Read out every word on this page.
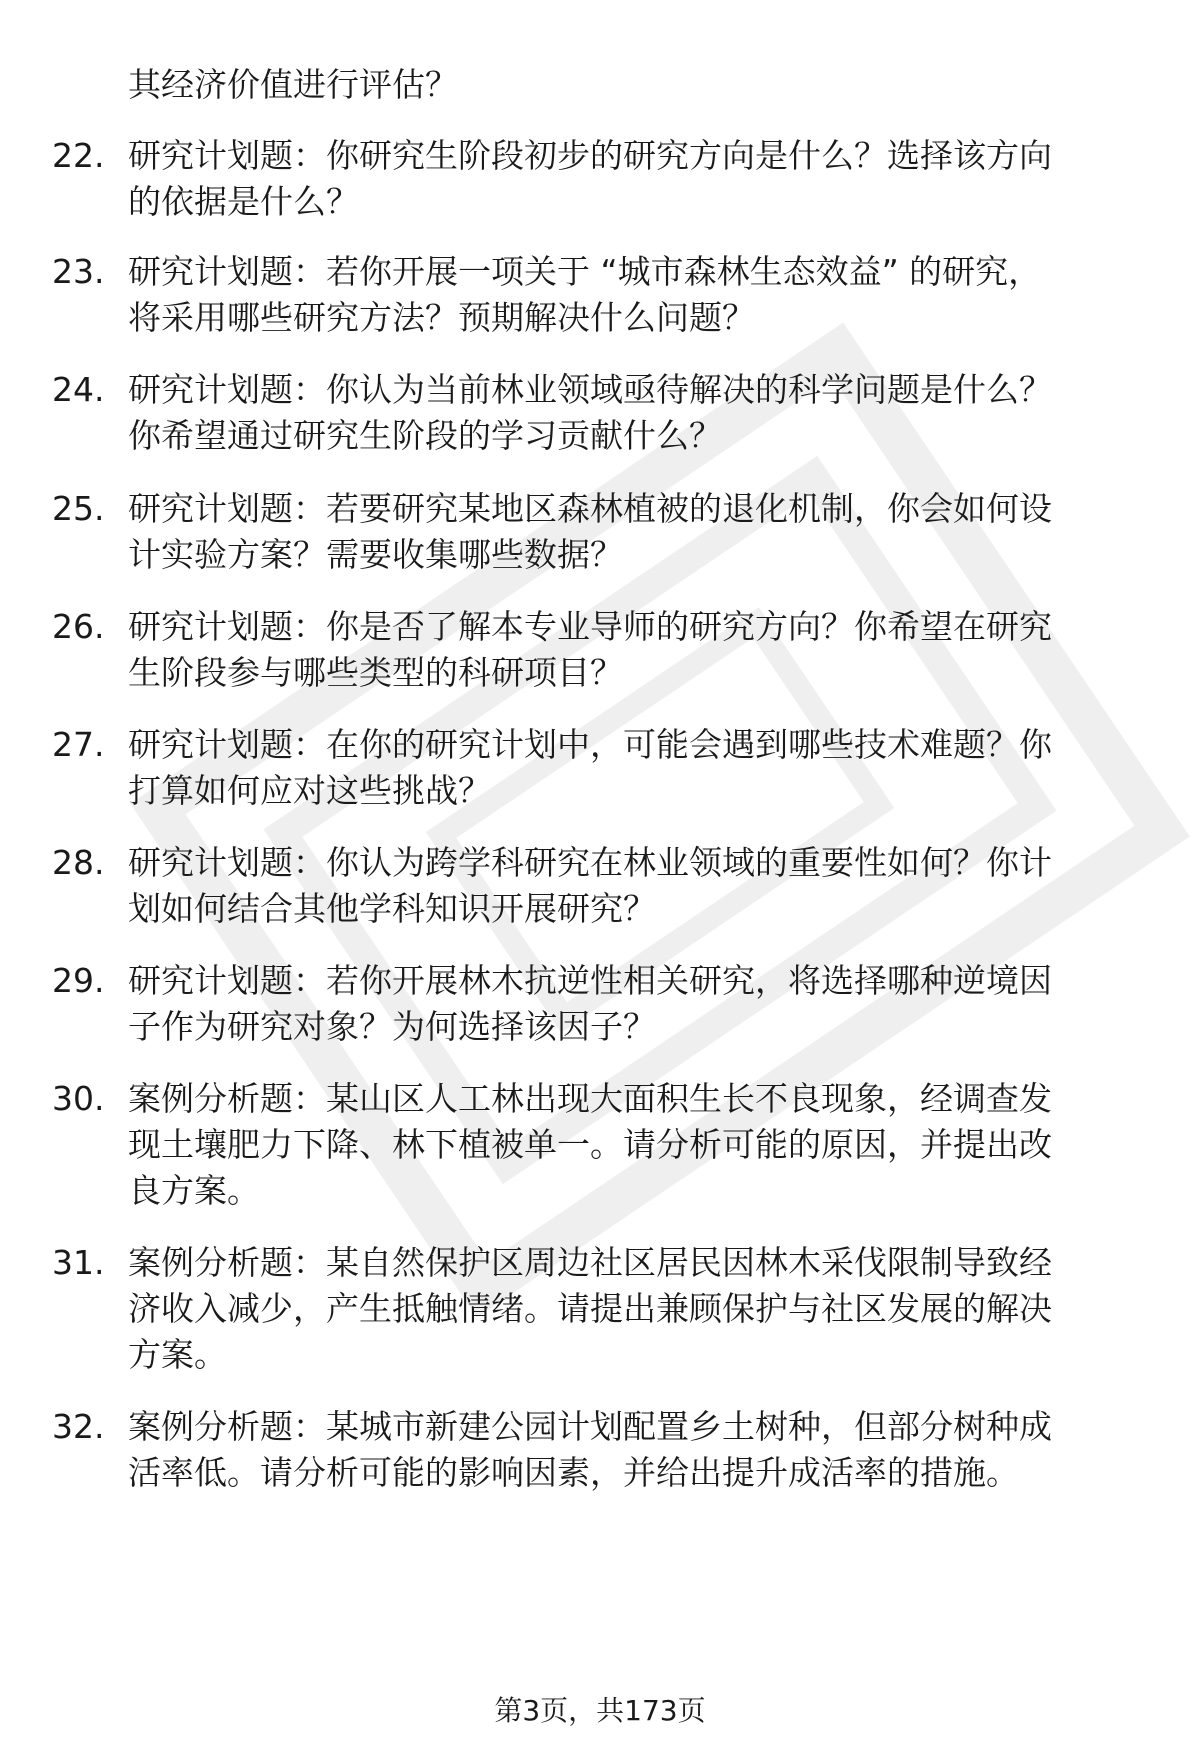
其经济价值进行评估？
22. 研究计划题：你研究生阶段初步的研究方向是什么？选择该方向
的依据是什么？
23. 研究计划题：若你开展一项关于 “城市森林生态效益” 的研究，
将采用哪些研究方法？预期解决什么问题？
24. 研究计划题：你认为当前林业领域亟待解决的科学问题是什么？
你希望通过研究生阶段的学习贡献什么？
25. 研究计划题：若要研究某地区森林植被的退化机制，你会如何设
计实验方案？需要收集哪些数据？
26. 研究计划题：你是否了解本专业导师的研究方向？你希望在研究
生阶段参与哪些类型的科研项目？
27. 研究计划题：在你的研究计划中，可能会遇到哪些技术难题？你
打算如何应对这些挑战？
28. 研究计划题：你认为跨学科研究在林业领域的重要性如何？你计
划如何结合其他学科知识开展研究？
29. 研究计划题：若你开展林木抗逆性相关研究，将选择哪种逆境因
子作为研究对象？为何选择该因子？
30. 案例分析题：某山区人工林出现大面积生长不良现象，经调查发
现土壤肥力下降、林下植被单一。请分析可能的原因，并提出改
良方案。
31. 案例分析题：某自然保护区周边社区居民因林木采伐限制导致经
济收入减少，产生抵触情绪。请提出兼顾保护与社区发展的解决
方案。
32. 案例分析题：某城市新建公园计划配置乡土树种，但部分树种成
活率低。请分析可能的影响因素，并给出提升成活率的措施。
第3页，共173页
